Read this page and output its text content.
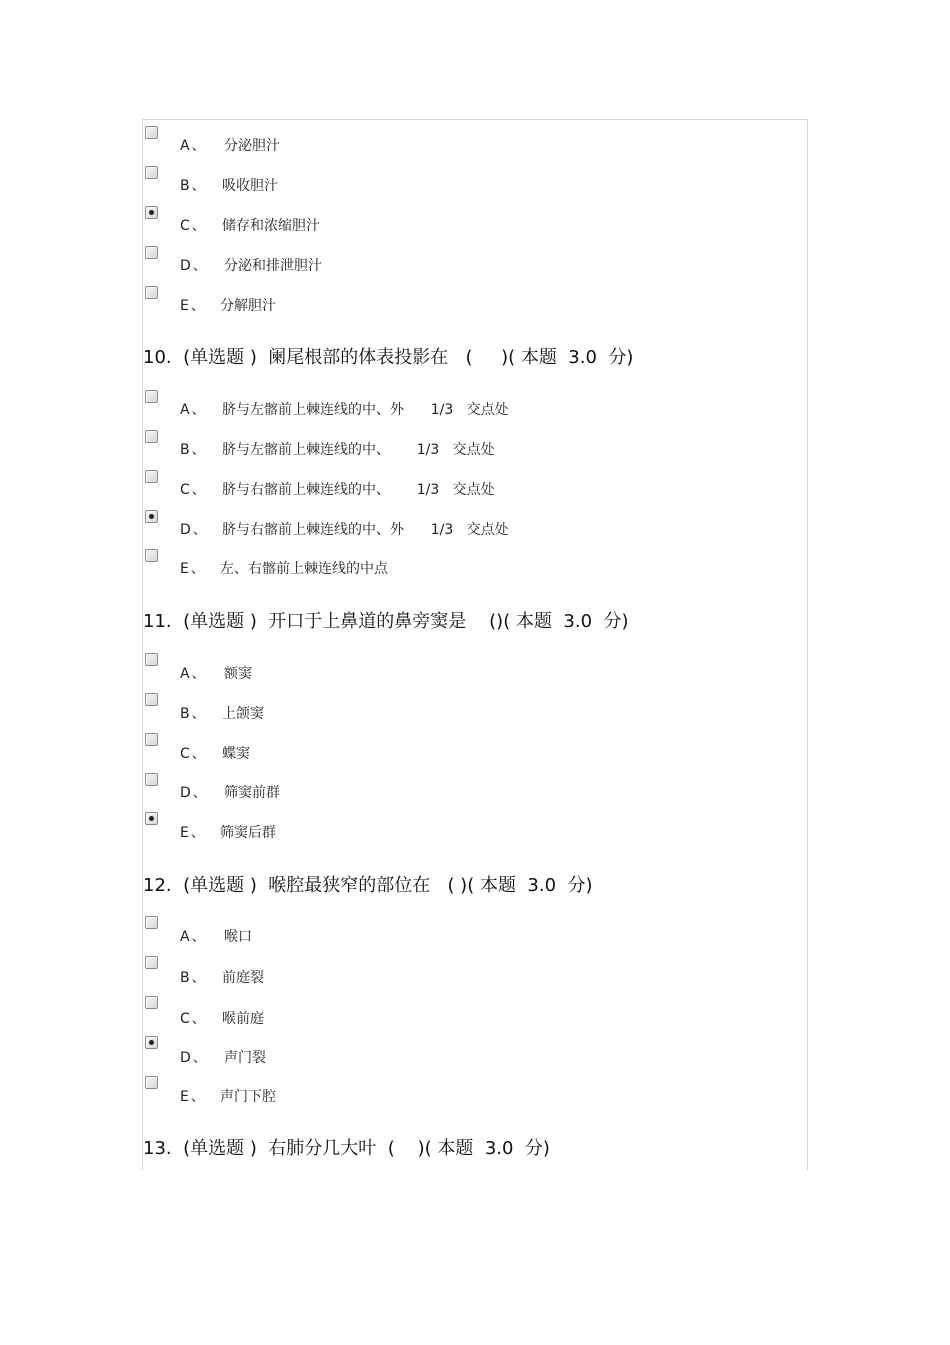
A、 分泌胆汁
B、 吸收胆汁
C、 储存和浓缩胆汁
D、 分泌和排泄胆汁
E、 分解胆汁
10.  (单选题 )  阑尾根部的体表投影在   (     )( 本题  3.0  分)
A、 脐与左髂前上棘连线的中、外      1/3   交点处
B、 脐与左髂前上棘连线的中、      1/3   交点处
C、 脐与右髂前上棘连线的中、      1/3   交点处
D、 脐与右髂前上棘连线的中、外      1/3   交点处
E、 左、右髂前上棘连线的中点
11.  (单选题 )  开口于上鼻道的鼻旁窦是    ()( 本题  3.0  分)
A、 额窦
B、 上颌窦
C、 蝶窦
D、 筛窦前群
E、 筛窦后群
12.  (单选题 )  喉腔最狭窄的部位在   ( )( 本题  3.0  分)
A、 喉口
B、 前庭裂
C、 喉前庭
D、 声门裂
E、 声门下腔
13.  (单选题 )  右肺分几大叶  (    )( 本题  3.0  分)
